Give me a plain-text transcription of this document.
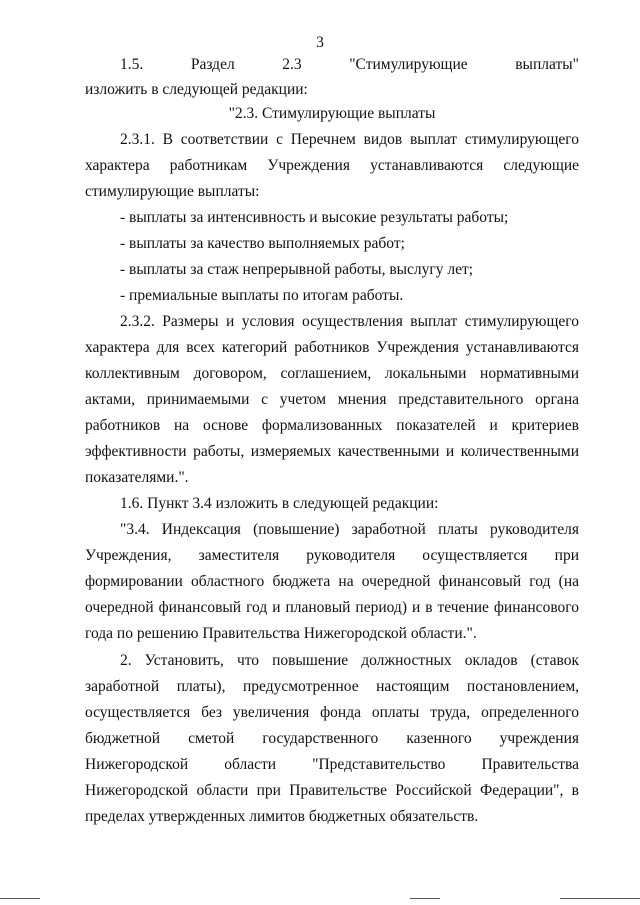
3
1.5. Раздел 2.3 "Стимулирующие выплаты"
изложить в следующей редакции:
"2.3. Стимулирующие выплаты
2.3.1. В соответствии с Перечнем видов выплат стимулирующего
характера работникам Учреждения устанавливаются следующие
стимулирующие выплаты:
- выплаты за интенсивность и высокие результаты работы;
- выплаты за качество выполняемых работ;
- выплаты за стаж непрерывной работы, выслугу лет;
- премиальные выплаты по итогам работы.
2.3.2. Размеры и условия осуществления выплат стимулирующего
характера для всех категорий работников Учреждения устанавливаются
коллективным договором, соглашением, локальными нормативными
актами, принимаемыми с учетом мнения представительного органа
работников на основе формализованных показателей и критериев
эффективности работы, измеряемых качественными и количественными
показателями.".
1.6. Пункт 3.4 изложить в следующей редакции:
"3.4. Индексация (повышение) заработной платы руководителя
Учреждения, заместителя руководителя осуществляется при
формировании областного бюджета на очередной финансовый год (на
очередной финансовый год и плановый период) и в течение финансового
года по решению Правительства Нижегородской области.".
2. Установить, что повышение должностных окладов (ставок
заработной платы), предусмотренное настоящим постановлением,
осуществляется без увеличения фонда оплаты труда, определенного
бюджетной сметой государственного казенного учреждения
Нижегородской области "Представительство Правительства
Нижегородской области при Правительстве Российской Федерации", в
пределах утвержденных лимитов бюджетных обязательств.
